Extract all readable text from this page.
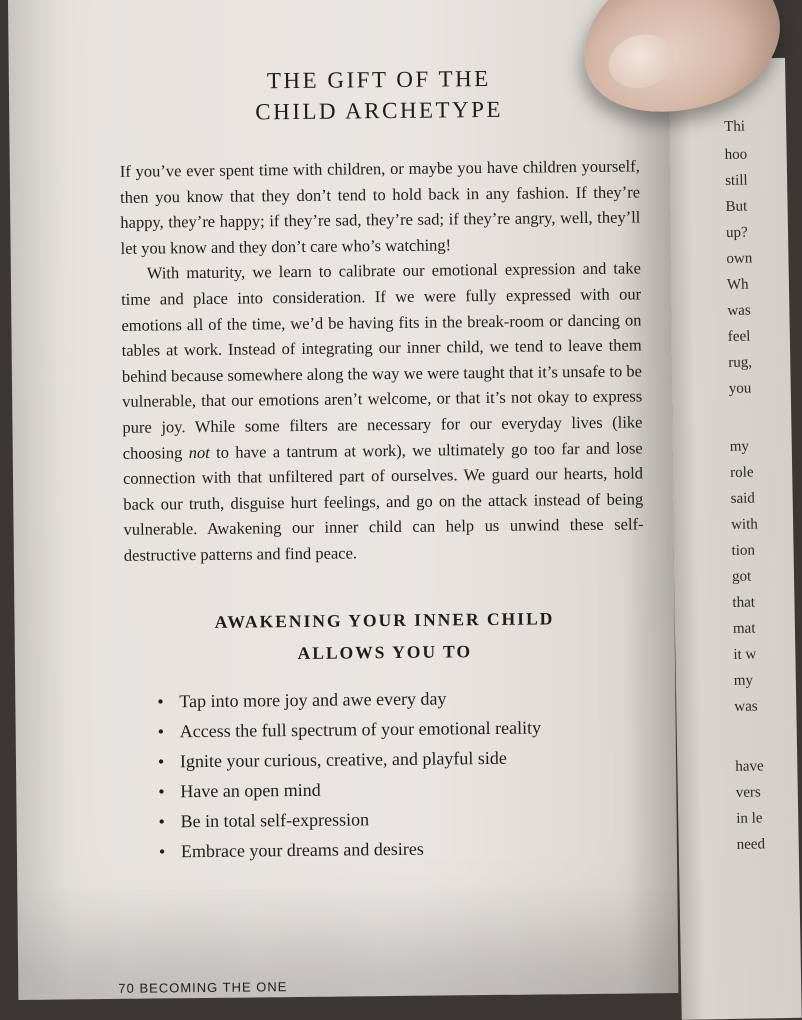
Thi
hoo
still
But
up?
own
Wh
was
feel
rug,
you
my
role
said
with
tion
got
that
mat
it w
my
was
have
vers
in le
need
THE GIFT OF THE
CHILD ARCHETYPE

If you’ve ever spent time with children, or maybe you have children yourself, then you know that they don’t tend to hold back in any fashion. If they’re happy, they’re happy; if they’re sad, they’re sad; if they’re angry, well, they’ll let you know and they don’t care who’s watching!

With maturity, we learn to calibrate our emotional expression and take time and place into consideration. If we were fully expressed with our emotions all of the time, we’d be having fits in the break-room or dancing on tables at work. Instead of integrating our inner child, we tend to leave them behind because somewhere along the way we were taught that it’s unsafe to be vulnerable, that our emotions aren’t welcome, or that it’s not okay to express pure joy. While some filters are necessary for our everyday lives (like choosing not to have a tantrum at work), we ultimately go too far and lose connection with that unfiltered part of ourselves. We guard our hearts, hold back our truth, disguise hurt feelings, and go on the attack instead of being vulnerable. Awakening our inner child can help us unwind these self-destructive patterns and find peace.

AWAKENING YOUR INNER CHILD
ALLOWS YOU TO
• Tap into more joy and awe every day
• Access the full spectrum of your emotional reality
• Ignite your curious, creative, and playful side
• Have an open mind
• Be in total self-expression
• Embrace your dreams and desires
70 BECOMING THE ONE
